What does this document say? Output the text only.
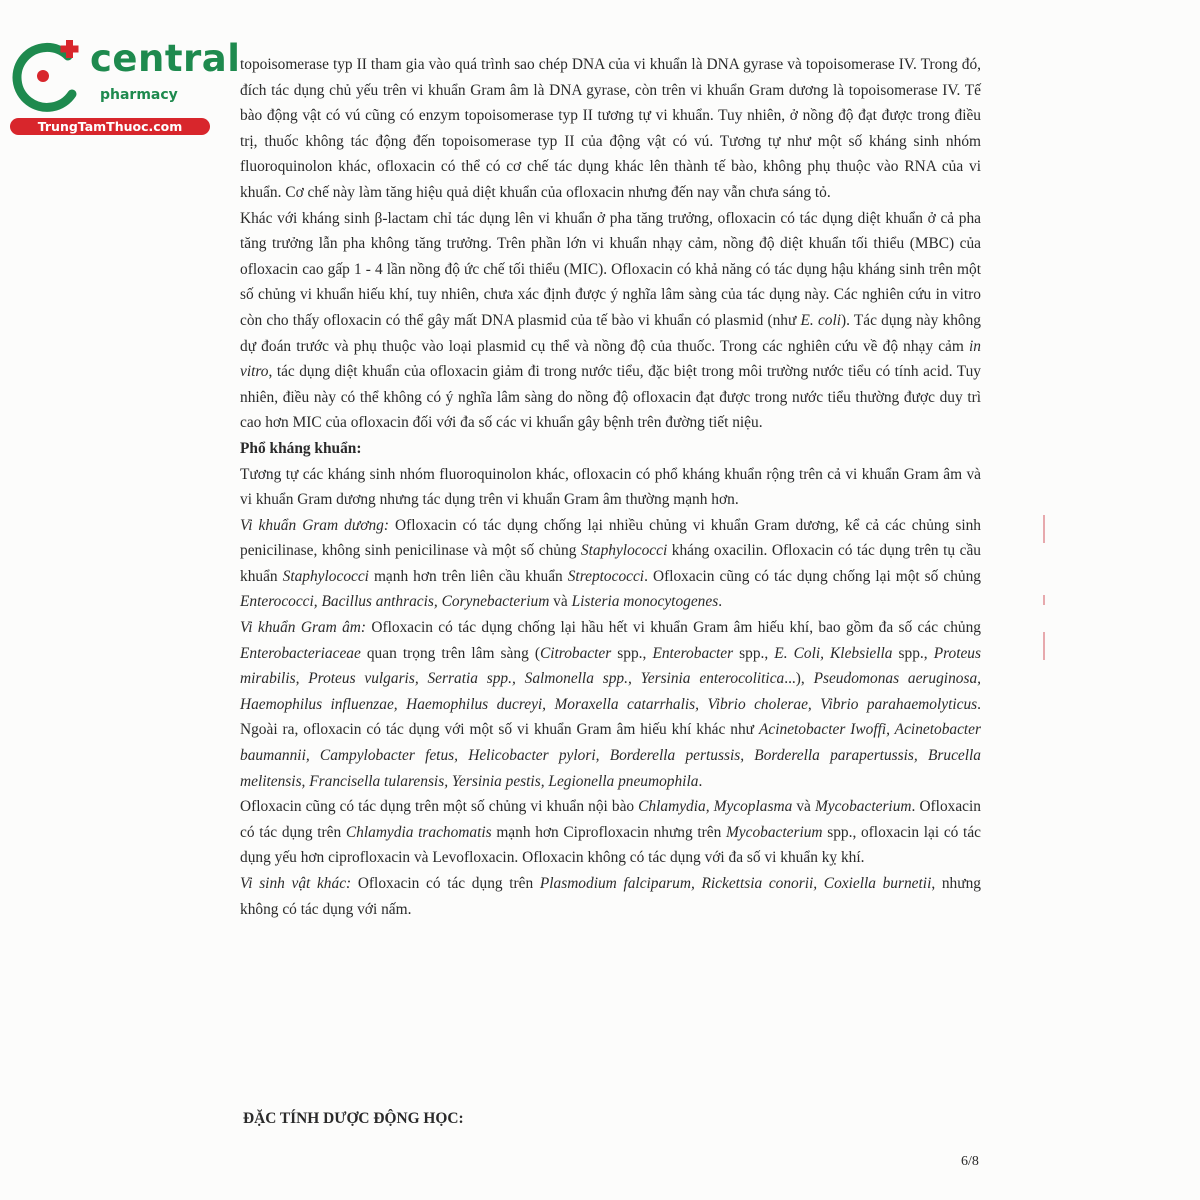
central
pharmacy
TrungTamThuoc.com

topoisomerase typ II tham gia vào quá trình sao chép DNA của vi khuẩn là DNA gyrase và topoisomerase IV. Trong đó, đích tác dụng chủ yếu trên vi khuẩn Gram âm là DNA gyrase, còn trên vi khuẩn Gram dương là topoisomerase IV. Tế bào động vật có vú cũng có enzym topoisomerase typ II tương tự vi khuẩn. Tuy nhiên, ở nồng độ đạt được trong điều trị, thuốc không tác động đến topoisomerase typ II của động vật có vú. Tương tự như một số kháng sinh nhóm fluoroquinolon khác, ofloxacin có thể có cơ chế tác dụng khác lên thành tế bào, không phụ thuộc vào RNA của vi khuẩn. Cơ chế này làm tăng hiệu quả diệt khuẩn của ofloxacin nhưng đến nay vẫn chưa sáng tỏ.

Khác với kháng sinh β-lactam chỉ tác dụng lên vi khuẩn ở pha tăng trưởng, ofloxacin có tác dụng diệt khuẩn ở cả pha tăng trưởng lẫn pha không tăng trưởng. Trên phần lớn vi khuẩn nhạy cảm, nồng độ diệt khuẩn tối thiểu (MBC) của ofloxacin cao gấp 1 - 4 lần nồng độ ức chế tối thiểu (MIC). Ofloxacin có khả năng có tác dụng hậu kháng sinh trên một số chủng vi khuẩn hiếu khí, tuy nhiên, chưa xác định được ý nghĩa lâm sàng của tác dụng này. Các nghiên cứu in vitro còn cho thấy ofloxacin có thể gây mất DNA plasmid của tế bào vi khuẩn có plasmid (như E. coli). Tác dụng này không dự đoán trước và phụ thuộc vào loại plasmid cụ thể và nồng độ của thuốc. Trong các nghiên cứu về độ nhạy cảm in vitro, tác dụng diệt khuẩn của ofloxacin giảm đi trong nước tiểu, đặc biệt trong môi trường nước tiểu có tính acid. Tuy nhiên, điều này có thể không có ý nghĩa lâm sàng do nồng độ ofloxacin đạt được trong nước tiểu thường được duy trì cao hơn MIC của ofloxacin đối với đa số các vi khuẩn gây bệnh trên đường tiết niệu.

Phổ kháng khuẩn:

Tương tự các kháng sinh nhóm fluoroquinolon khác, ofloxacin có phổ kháng khuẩn rộng trên cả vi khuẩn Gram âm và vi khuẩn Gram dương nhưng tác dụng trên vi khuẩn Gram âm thường mạnh hơn.

Vi khuẩn Gram dương: Ofloxacin có tác dụng chống lại nhiều chủng vi khuẩn Gram dương, kể cả các chủng sinh penicilinase, không sinh penicilinase và một số chủng Staphylococci kháng oxacilin. Ofloxacin có tác dụng trên tụ cầu khuẩn Staphylococci mạnh hơn trên liên cầu khuẩn Streptococci. Ofloxacin cũng có tác dụng chống lại một số chủng Enterococci, Bacillus anthracis, Corynebacterium và Listeria monocytogenes.

Vi khuẩn Gram âm: Ofloxacin có tác dụng chống lại hầu hết vi khuẩn Gram âm hiếu khí, bao gồm đa số các chủng Enterobacteriaceae quan trọng trên lâm sàng (Citrobacter spp., Enterobacter spp., E. Coli, Klebsiella spp., Proteus mirabilis, Proteus vulgaris, Serratia spp., Salmonella spp., Yersinia enterocolitica...), Pseudomonas aeruginosa, Haemophilus influenzae, Haemophilus ducreyi, Moraxella catarrhalis, Vibrio cholerae, Vibrio parahaemolyticus. Ngoài ra, ofloxacin có tác dụng với một số vi khuẩn Gram âm hiếu khí khác như Acinetobacter Iwoffi, Acinetobacter baumannii, Campylobacter fetus, Helicobacter pylori, Borderella pertussis, Borderella parapertussis, Brucella melitensis, Francisella tularensis, Yersinia pestis, Legionella pneumophila.

Ofloxacin cũng có tác dụng trên một số chủng vi khuẩn nội bào Chlamydia, Mycoplasma và Mycobacterium. Ofloxacin có tác dụng trên Chlamydia trachomatis mạnh hơn Ciprofloxacin nhưng trên Mycobacterium spp., ofloxacin lại có tác dụng yếu hơn ciprofloxacin và Levofloxacin. Ofloxacin không có tác dụng với đa số vi khuẩn kỵ khí.

Vi sinh vật khác: Ofloxacin có tác dụng trên Plasmodium falciparum, Rickettsia conorii, Coxiella burnetii, nhưng không có tác dụng với nấm.

ĐẶC TÍNH DƯỢC ĐỘNG HỌC:
6/8
